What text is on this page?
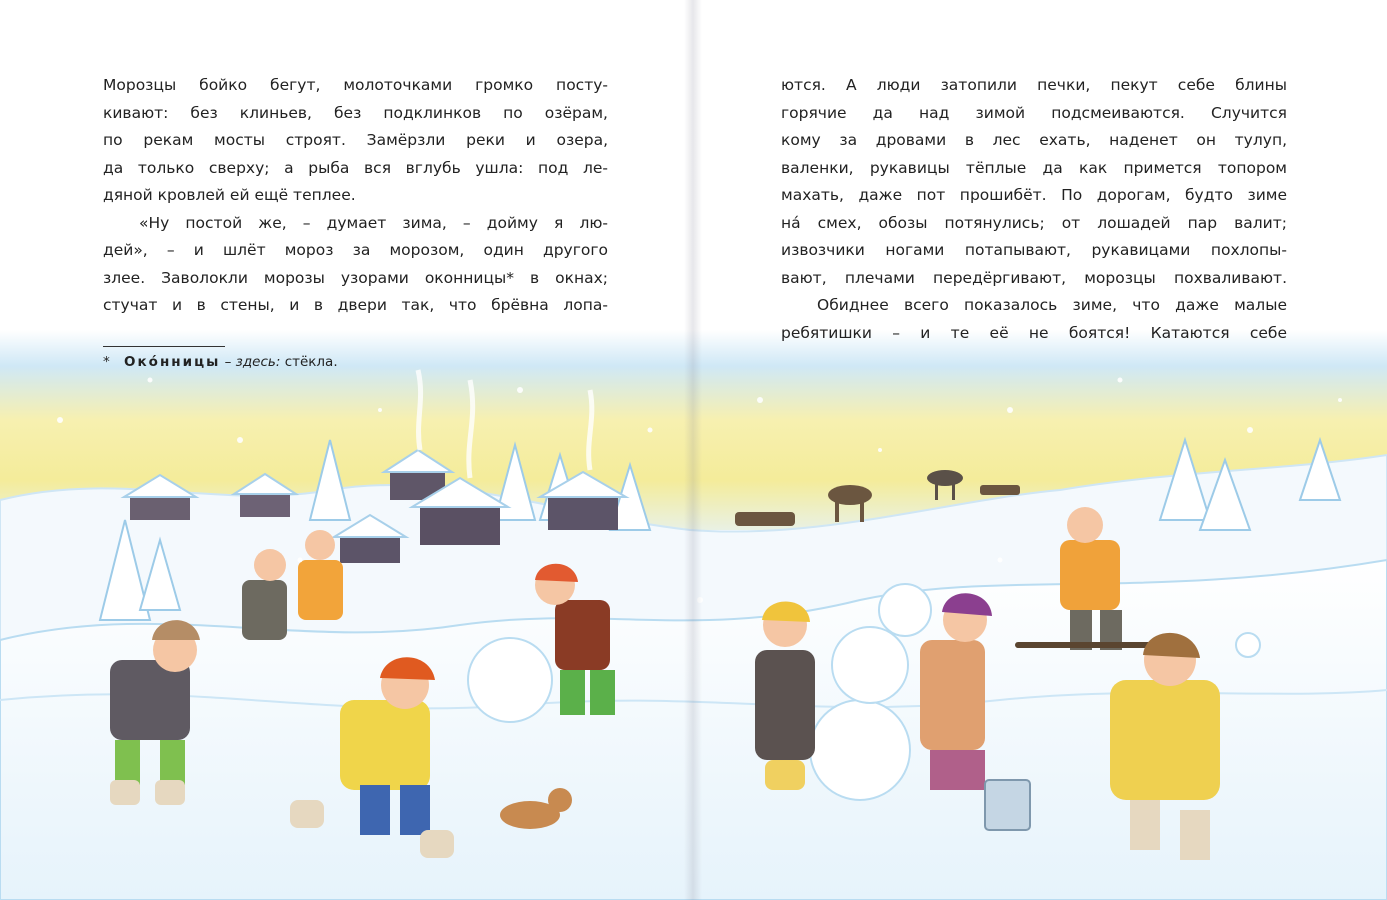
Морозцы бойко бегут, молоточками громко посту-
кивают: без клиньев, без подклинков по озёрам,
по рекам мосты строят. Замёрзли реки и озера,
да только сверху; а рыба вся вглубь ушла: под ле-
дяной кровлей ей ещё теплее.
«Ну постой же, – думает зима, – дойму я лю-
дей», – и шлёт мороз за морозом, один другого
злее. Заволокли морозы узорами оконницы* в окнах;
стучат и в стены, и в двери так, что брёвна лопа-
* Око́нницы – здесь: стёкла.
ются. А люди затопили печки, пекут себе блины
горячие да над зимой подсмеиваются. Случится
кому за дровами в лес ехать, наденет он тулуп,
валенки, рукавицы тёплые да как примется топором
махать, даже пот прошибёт. По дорогам, будто зиме
на́ смех, обозы потянулись; от лошадей пар валит;
извозчики ногами потапывают, рукавицами похлопы-
вают, плечами передёргивают, морозцы похваливают.
Обиднее всего показалось зиме, что даже малые
ребятишки – и те её не боятся! Катаются себе
